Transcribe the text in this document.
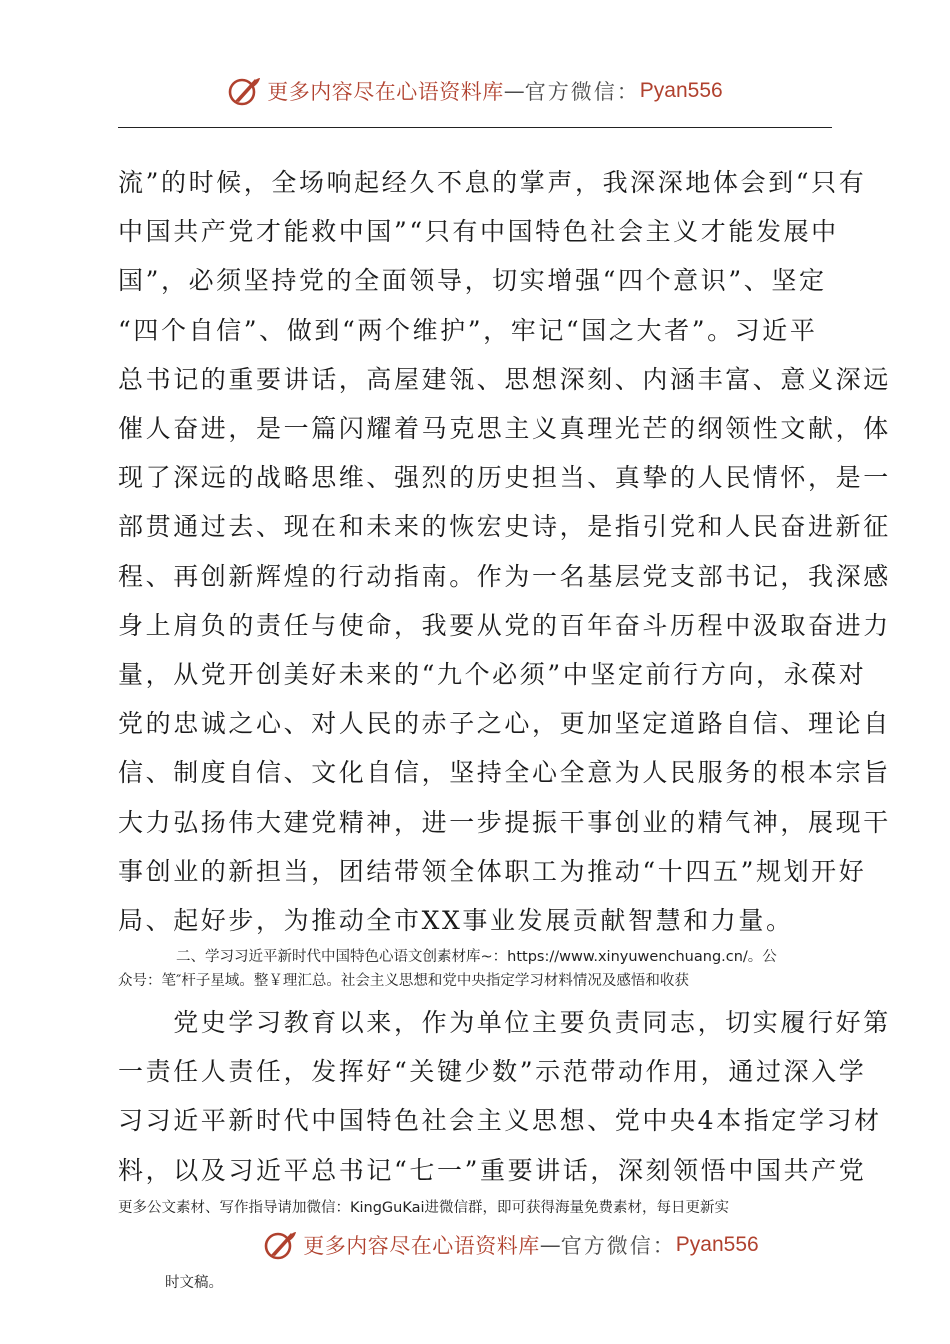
更多内容尽在心语资料库 — 官方微信： Pyan556
流”的时候，全场响起经久不息的掌声，我深深地体会到“只有
中国共产党才能救中国”“只有中国特色社会主义才能发展中
国”，必须坚持党的全面领导，切实增强“四个意识”、坚定
“四个自信”、做到“两个维护”，牢记“国之大者”。习近平
总书记的重要讲话，高屋建瓴、思想深刻、内涵丰富、意义深远
催人奋进，是一篇闪耀着马克思主义真理光芒的纲领性文献，体
现了深远的战略思维、强烈的历史担当、真挚的人民情怀，是一
部贯通过去、现在和未来的恢宏史诗，是指引党和人民奋进新征
程、再创新辉煌的行动指南。作为一名基层党支部书记，我深感
身上肩负的责任与使命，我要从党的百年奋斗历程中汲取奋进力
量，从党开创美好未来的“九个必须”中坚定前行方向，永葆对
党的忠诚之心、对人民的赤子之心，更加坚定道路自信、理论自
信、制度自信、文化自信，坚持全心全意为人民服务的根本宗旨
大力弘扬伟大建党精神，进一步提振干事创业的精气神，展现干
事创业的新担当，团结带领全体职工为推动“十四五”规划开好
局、起好步，为推动全市XX事业发展贡献智慧和力量。
二、学习习近平新时代中国特色心语文创素材库~：https://www.xinyuwenchuang.cn/。公
众号：笔″杆子星域。整￥理汇总。社会主义思想和党中央指定学习材料情况及感悟和收获
　　党史学习教育以来，作为单位主要负责同志，切实履行好第
一责任人责任，发挥好“关键少数”示范带动作用，通过深入学
习习近平新时代中国特色社会主义思想、党中央4本指定学习材
料，以及习近平总书记“七一”重要讲话，深刻领悟中国共产党
更多公文素材、写作指导请加微信：KingGuKai进微信群，即可获得海量免费素材，每日更新实
更多内容尽在心语资料库 — 官方微信： Pyan556
时文稿。
